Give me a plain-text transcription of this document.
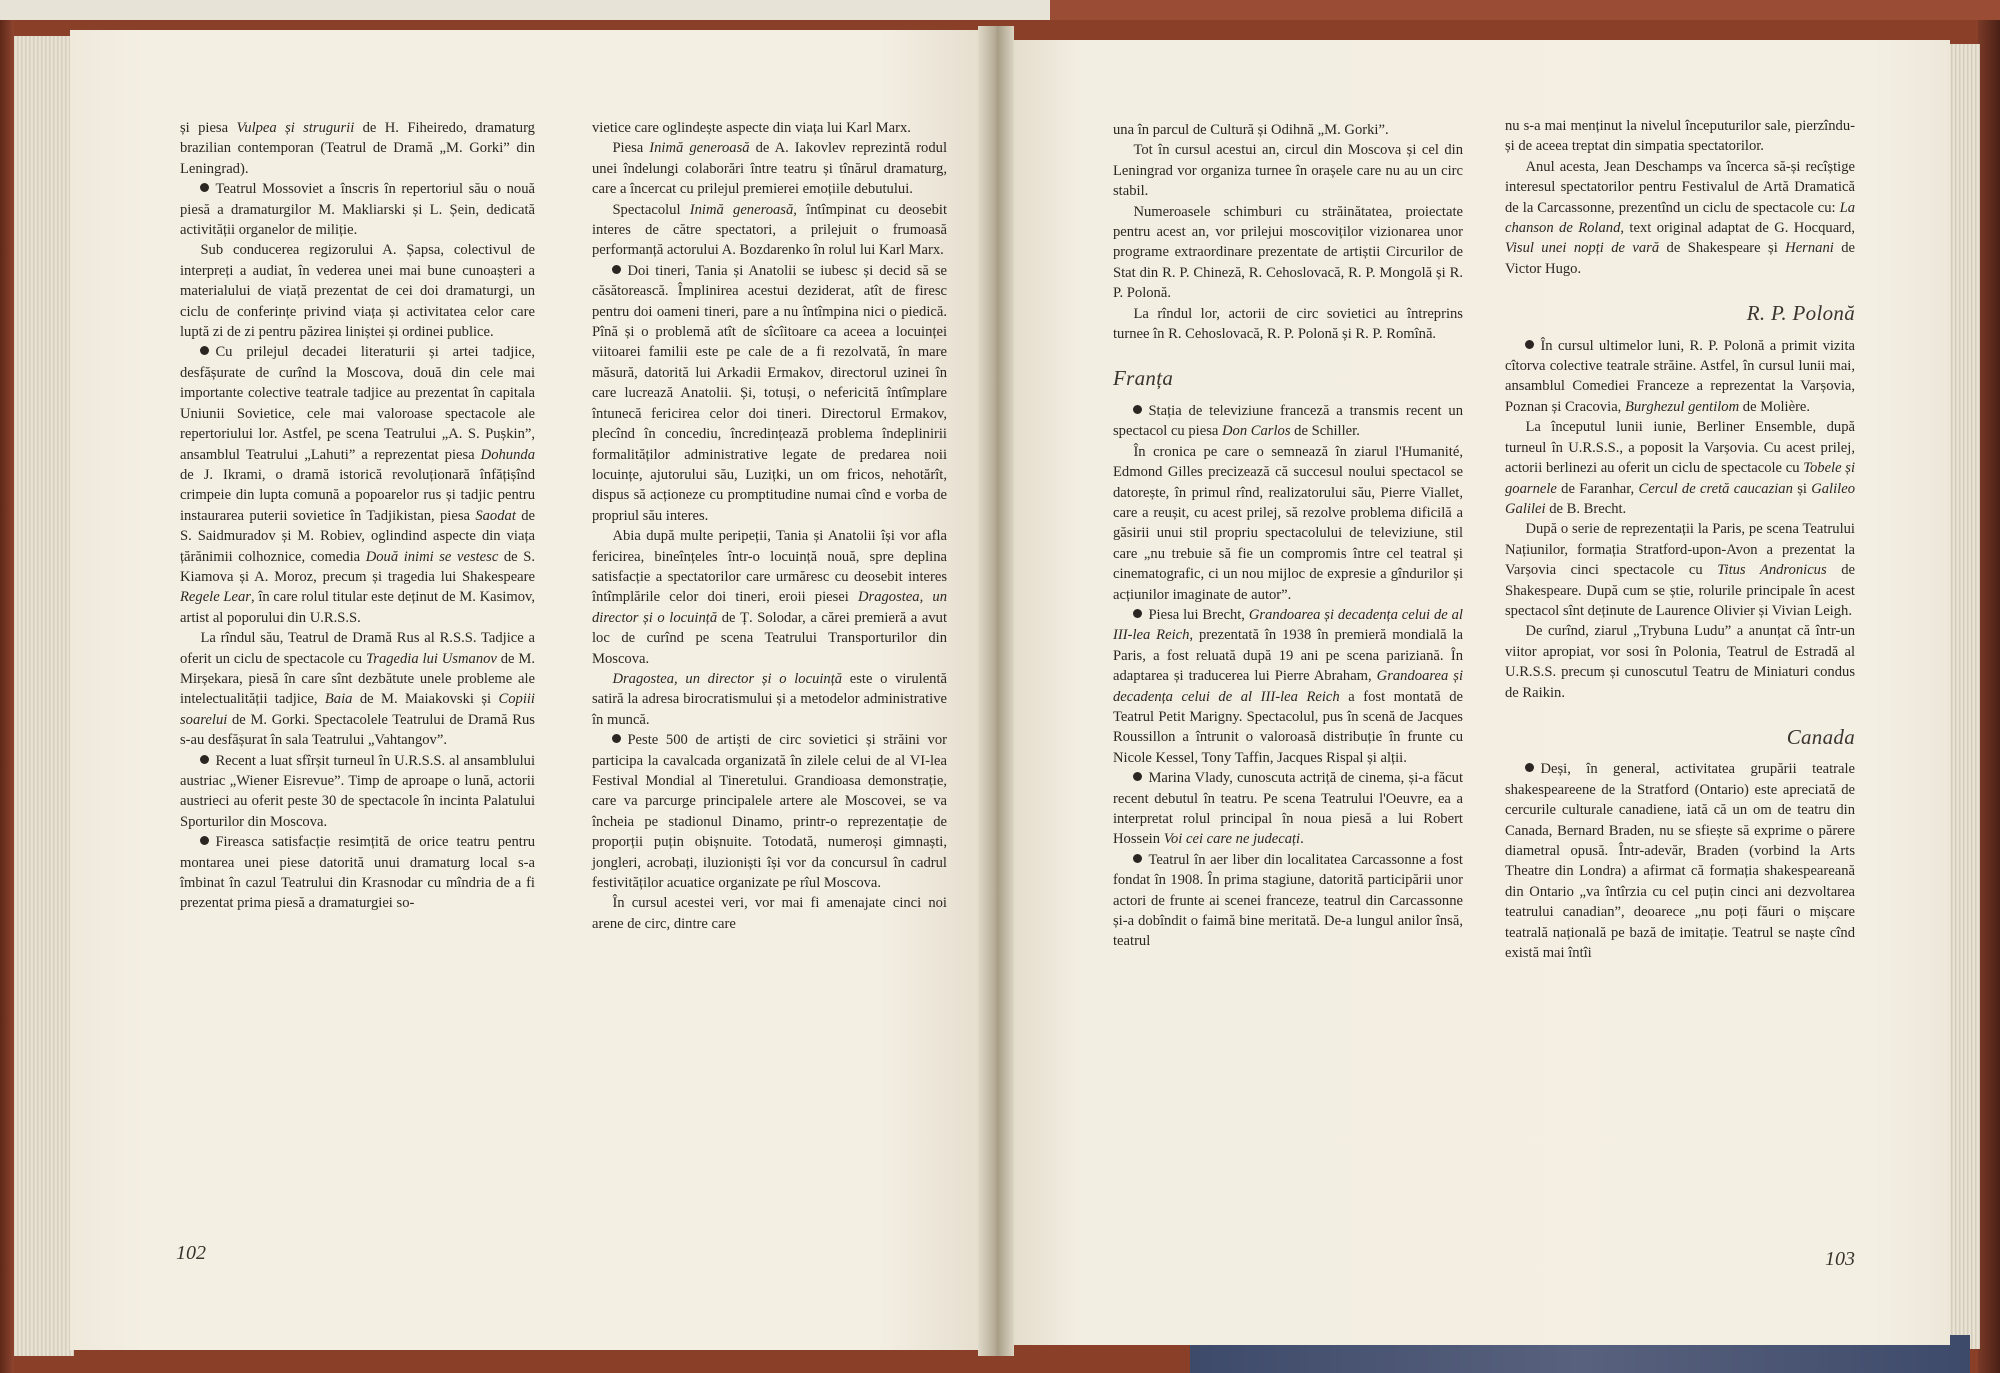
și piesa Vulpea și strugurii de H. Fiheiredo, dramaturg brazilian contemporan (Teatrul de Dramă „M. Gorki” din Leningrad).

Teatrul Mossoviet a înscris în repertoriul său o nouă piesă a dramaturgilor M. Makliarski și L. Șein, dedicată activității organelor de miliție.

Sub conducerea regizorului A. Șapsa, colectivul de interpreți a audiat, în vederea unei mai bune cunoașteri a materialului de viață prezentat de cei doi dramaturgi, un ciclu de conferințe privind viața și activitatea celor care luptă zi de zi pentru păzirea liniștei și ordinei publice.

Cu prilejul decadei literaturii și artei tadjice, desfășurate de curînd la Moscova, două din cele mai importante colective teatrale tadjice au prezentat în capitala Uniunii Sovietice, cele mai valoroase spectacole ale repertoriului lor. Astfel, pe scena Teatrului „A. S. Pușkin”, ansamblul Teatrului „Lahuti” a reprezentat piesa Dohunda de J. Ikrami, o dramă istorică revoluționară înfățișînd crimpeie din lupta comună a popoarelor rus și tadjic pentru instaurarea puterii sovietice în Tadjikistan, piesa Saodat de S. Saidmuradov și M. Robiev, oglindind aspecte din viața țărănimii colhoznice, comedia Două inimi se vestesc de S. Kiamova și A. Moroz, precum și tragedia lui Shakespeare Regele Lear, în care rolul titular este deținut de M. Kasimov, artist al poporului din U.R.S.S.

La rîndul său, Teatrul de Dramă Rus al R.S.S. Tadjice a oferit un ciclu de spectacole cu Tragedia lui Usmanov de M. Mirșekara, piesă în care sînt dezbătute unele probleme ale intelectualității tadjice, Baia de M. Maiakovski și Copiii soarelui de M. Gorki. Spectacolele Teatrului de Dramă Rus s-au desfășurat în sala Teatrului „Vahtangov”.

Recent a luat sfîrșit turneul în U.R.S.S. al ansamblului austriac „Wiener Eisrevue”. Timp de aproape o lună, actorii austrieci au oferit peste 30 de spectacole în incinta Palatului Sporturilor din Moscova.

Fireasca satisfacție resimțită de orice teatru pentru montarea unei piese datorită unui dramaturg local s-a îmbinat în cazul Teatrului din Krasnodar cu mîndria de a fi prezentat prima piesă a dramaturgiei so-

vietice care oglindește aspecte din viața lui Karl Marx.

Piesa Inimă generoasă de A. Iakovlev reprezintă rodul unei îndelungi colaborări între teatru și tînărul dramaturg, care a încercat cu prilejul premierei emoțiile debutului.

Spectacolul Inimă generoasă, întîmpinat cu deosebit interes de către spectatori, a prilejuit o frumoasă performanță actorului A. Bozdarenko în rolul lui Karl Marx.

Doi tineri, Tania și Anatolii se iubesc și decid să se căsătorească. Împlinirea acestui deziderat, atît de firesc pentru doi oameni tineri, pare a nu întîmpina nici o piedică. Pînă și o problemă atît de sîcîitoare ca aceea a locuinței viitoarei familii este pe cale de a fi rezolvată, în mare măsură, datorită lui Arkadii Ermakov, directorul uzinei în care lucrează Anatolii. Și, totuși, o nefericită întîmplare întunecă fericirea celor doi tineri. Directorul Ermakov, plecînd în concediu, încredințează problema îndeplinirii formalităților administrative legate de predarea noii locuințe, ajutorului său, Luzițki, un om fricos, nehotărît, dispus să acționeze cu promptitudine numai cînd e vorba de propriul său interes.

Abia după multe peripeții, Tania și Anatolii își vor afla fericirea, bineînțeles într-o locuință nouă, spre deplina satisfacție a spectatorilor care urmăresc cu deosebit interes întîmplările celor doi tineri, eroii piesei Dragostea, un director și o locuință de Ț. Solodar, a cărei premieră a avut loc de curînd pe scena Teatrului Transporturilor din Moscova.

Dragostea, un director și o locuință este o virulentă satiră la adresa birocratismului și a metodelor administrative în muncă.

Peste 500 de artiști de circ sovietici și străini vor participa la cavalcada organizată în zilele celui de al VI-lea Festival Mondial al Tineretului. Grandioasa demonstrație, care va parcurge principalele artere ale Moscovei, se va încheia pe stadionul Dinamo, printr-o reprezentație de proporții puțin obișnuite. Totodată, numeroși gimnaști, jongleri, acrobați, iluzioniști își vor da concursul în cadrul festivităților acuatice organizate pe rîul Moscova.

În cursul acestei veri, vor mai fi amenajate cinci noi arene de circ, dintre care

102

una în parcul de Cultură și Odihnă „M. Gorki”.

Tot în cursul acestui an, circul din Moscova și cel din Leningrad vor organiza turnee în orașele care nu au un circ stabil.

Numeroasele schimburi cu străinătatea, proiectate pentru acest an, vor prilejui moscoviților vizionarea unor programe extraordinare prezentate de artiștii Circurilor de Stat din R. P. Chineză, R. Cehoslovacă, R. P. Mongolă și R. P. Polonă.

La rîndul lor, actorii de circ sovietici au întreprins turnee în R. Cehoslovacă, R. P. Polonă și R. P. Romînă.

Franța

Stația de televiziune franceză a transmis recent un spectacol cu piesa Don Carlos de Schiller.

În cronica pe care o semnează în ziarul l'Humanité, Edmond Gilles precizează că succesul noului spectacol se datorește, în primul rînd, realizatorului său, Pierre Viallet, care a reușit, cu acest prilej, să rezolve problema dificilă a găsirii unui stil propriu spectacolului de televiziune, stil care „nu trebuie să fie un compromis între cel teatral și cinematografic, ci un nou mijloc de expresie a gîndurilor și acțiunilor imaginate de autor”.

Piesa lui Brecht, Grandoarea și decadența celui de al III-lea Reich, prezentată în 1938 în premieră mondială la Paris, a fost reluată după 19 ani pe scena pariziană. În adaptarea și traducerea lui Pierre Abraham, Grandoarea și decadența celui de al III-lea Reich a fost montată de Teatrul Petit Marigny. Spectacolul, pus în scenă de Jacques Roussillon a întrunit o valoroasă distribuție în frunte cu Nicole Kessel, Tony Taffin, Jacques Rispal și alții.

Marina Vlady, cunoscuta actriță de cinema, și-a făcut recent debutul în teatru. Pe scena Teatrului l'Oeuvre, ea a interpretat rolul principal în noua piesă a lui Robert Hossein Voi cei care ne judecați.

Teatrul în aer liber din localitatea Carcassonne a fost fondat în 1908. În prima stagiune, datorită participării unor actori de frunte ai scenei franceze, teatrul din Carcassonne și-a dobîndit o faimă bine meritată. De-a lungul anilor însă, teatrul

nu s-a mai menținut la nivelul începuturilor sale, pierzîndu-și de aceea treptat din simpatia spectatorilor.

Anul acesta, Jean Deschamps va încerca să-și recîștige interesul spectatorilor pentru Festivalul de Artă Dramatică de la Carcassonne, prezentînd un ciclu de spectacole cu: La chanson de Roland, text original adaptat de G. Hocquard, Visul unei nopți de vară de Shakespeare și Hernani de Victor Hugo.

R. P. Polonă

În cursul ultimelor luni, R. P. Polonă a primit vizita cîtorva colective teatrale străine. Astfel, în cursul lunii mai, ansamblul Comediei Franceze a reprezentat la Varșovia, Poznan și Cracovia, Burghezul gentilom de Molière.

La începutul lunii iunie, Berliner Ensemble, după turneul în U.R.S.S., a poposit la Varșovia. Cu acest prilej, actorii berlinezi au oferit un ciclu de spectacole cu Tobele și goarnele de Faranhar, Cercul de cretă caucazian și Galileo Galilei de B. Brecht.

După o serie de reprezentații la Paris, pe scena Teatrului Națiunilor, formația Stratford-upon-Avon a prezentat la Varșovia cinci spectacole cu Titus Andronicus de Shakespeare. După cum se știe, rolurile principale în acest spectacol sînt deținute de Laurence Olivier și Vivian Leigh.

De curînd, ziarul „Trybuna Ludu” a anunțat că într-un viitor apropiat, vor sosi în Polonia, Teatrul de Estradă al U.R.S.S. precum și cunoscutul Teatru de Miniaturi condus de Raikin.

Canada

Deși, în general, activitatea grupării teatrale shakespeareene de la Stratford (Ontario) este apreciată de cercurile culturale canadiene, iată că un om de teatru din Canada, Bernard Braden, nu se sfiește să exprime o părere diametral opusă. Într-adevăr, Braden (vorbind la Arts Theatre din Londra) a afirmat că formația shakespeareană din Ontario „va întîrzia cu cel puțin cinci ani dezvoltarea teatrului canadian”, deoarece „nu poți făuri o mișcare teatrală națională pe bază de imitație. Teatrul se naște cînd există mai întîi

103
